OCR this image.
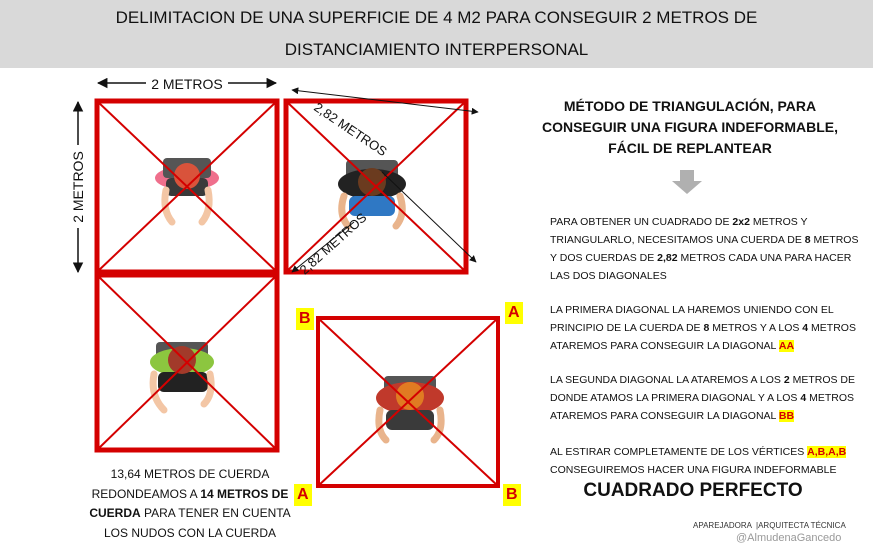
DELIMITACION DE UNA SUPERFICIE DE 4 M2 PARA CONSEGUIR 2 METROS DE
DISTANCIAMIENTO INTERPERSONAL
2 METROS
2 METROS
2,82 METROS
2,82 METROS
B	A
A	B
MÉTODO DE TRIANGULACIÓN, PARA
CONSEGUIR UNA FIGURA INDEFORMABLE,
FÁCIL DE REPLANTEAR

PARA OBTENER UN CUADRADO DE 2x2 METROS Y TRIANGULARLO, NECESITAMOS UNA CUERDA DE 8 METROS Y DOS CUERDAS DE 2,82 METROS CADA UNA PARA HACER LAS DOS DIAGONALES

LA PRIMERA DIAGONAL LA HAREMOS UNIENDO CON EL PRINCIPIO DE LA CUERDA DE 8 METROS Y A LOS 4 METROS ATAREMOS PARA CONSEGUIR LA DIAGONAL AA

LA SEGUNDA DIAGONAL LA ATAREMOS A LOS 2 METROS DE DONDE ATAMOS LA PRIMERA DIAGONAL Y A LOS 4 METROS ATAREMOS PARA CONSEGUIR LA DIAGONAL BB

AL ESTIRAR COMPLETAMENTE DE LOS VÉRTICES A,B,A,B CONSEGUIREMOS HACER UNA FIGURA INDEFORMABLE

CUADRADO PERFECTO
13,64 METROS DE CUERDA
REDONDEAMOS A 14 METROS DE
CUERDA PARA TENER EN CUENTA
LOS NUDOS CON LA CUERDA	APAREJADORA  |ARQUITECTA TÉCNICA
@AlmudenaGancedo
